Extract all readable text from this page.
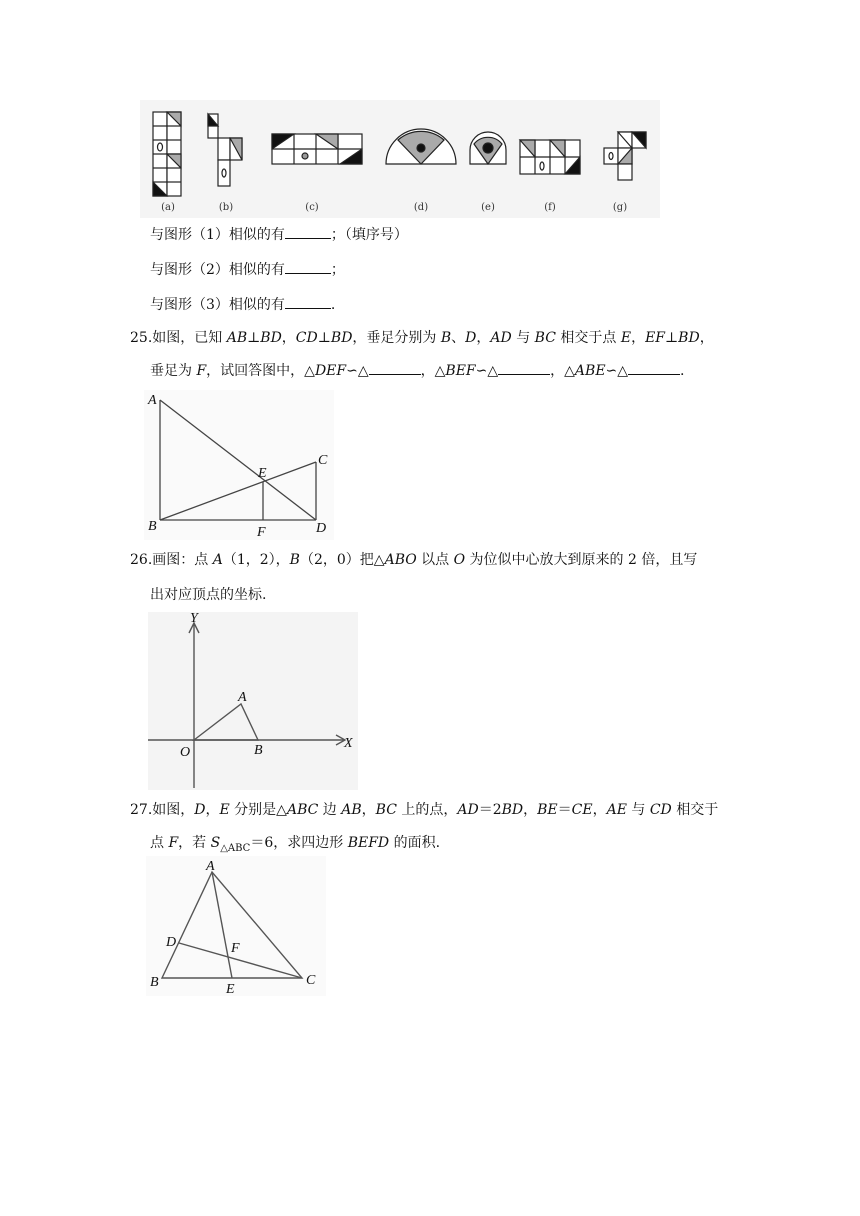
(a)	(b)	(c)	(d)	(e)	(f)	(g)
与图形（1）相似的有	；（填序号）
与图形（2）相似的有	；
与图形（3）相似的有	.
25.如图，已知 AB⊥BD，CD⊥BD，垂足分别为 B、D，AD 与 BC 相交于点 E，EF⊥BD，
垂足为 F，试回答图中，△DEF∽△	，△BEF∽△	，△ABE∽△	.
A
B
C
D
E
F
26.画图：点 A（1，2），B（2，0）把△ABO 以点 O 为位似中心放大到原来的 2 倍，且写
出对应顶点的坐标.
Y
X
O
A
B
27.如图，D，E 分别是△ABC 边 AB，BC 上的点，AD＝2BD，BE＝CE，AE 与 CD 相交于
点 F，若 $S_{\triangle ABC}=6$，求四边形 BEFD 的面积.
A
B	C
D
E
F
